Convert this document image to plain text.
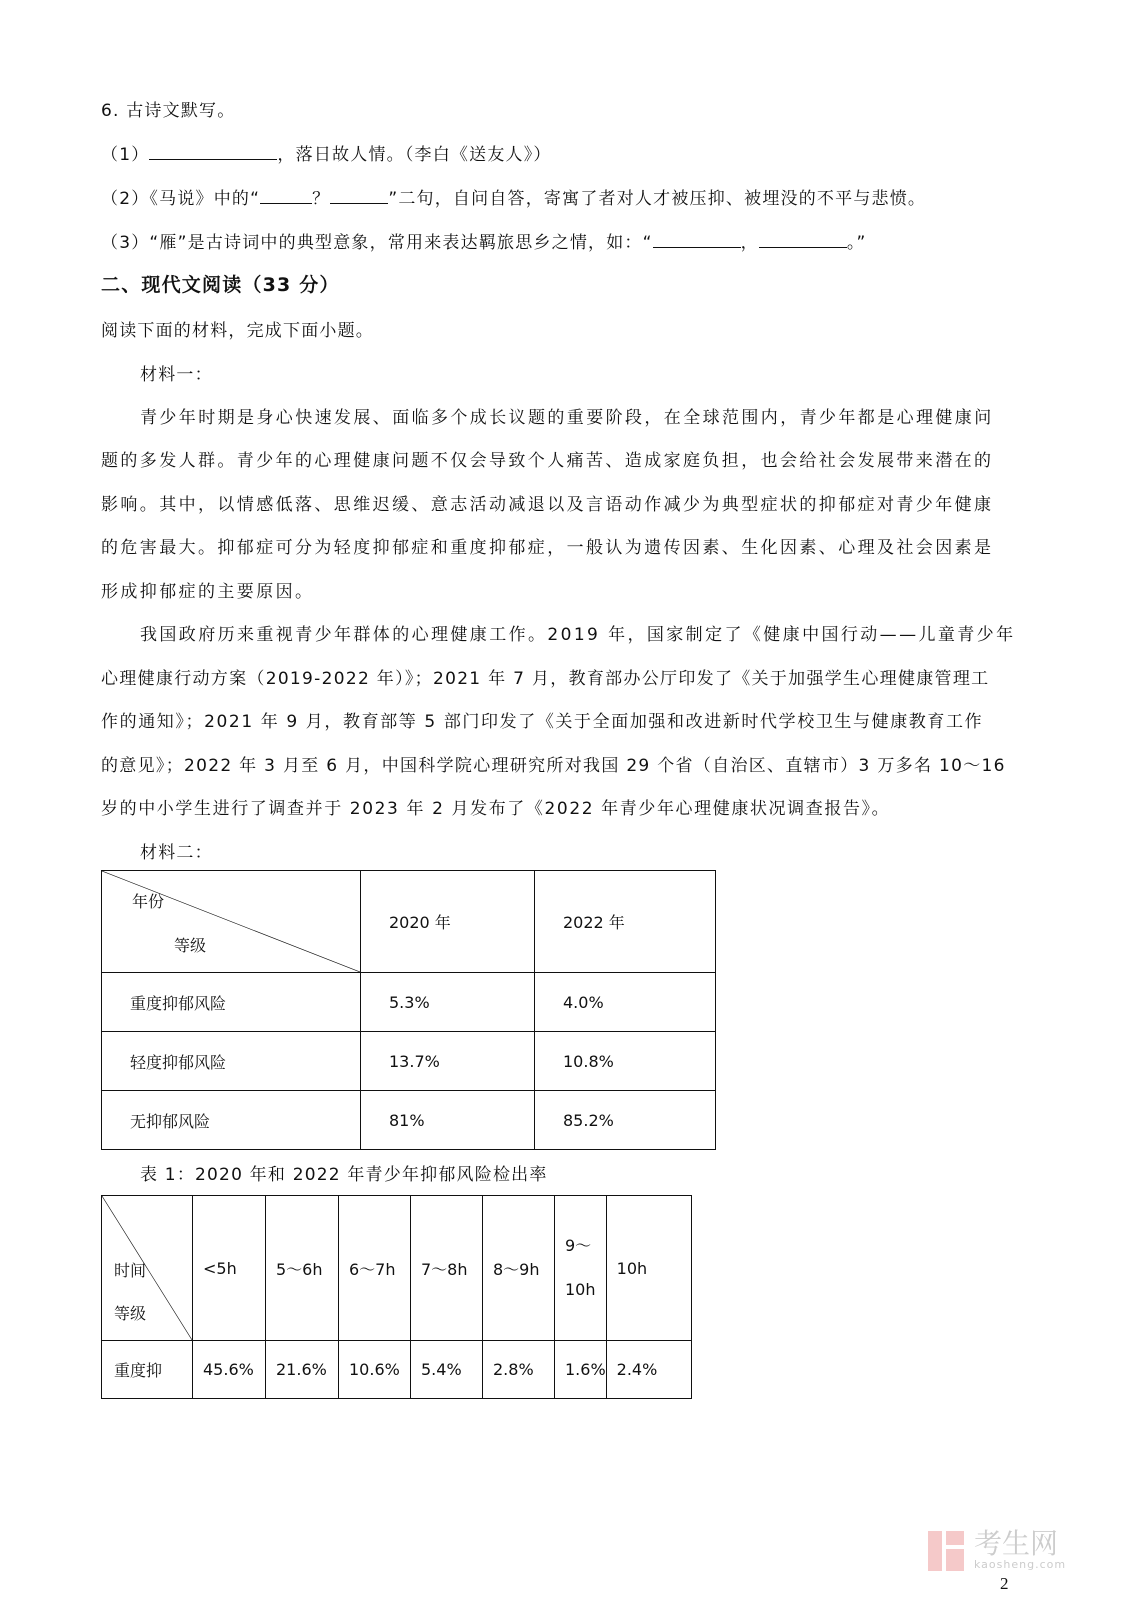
6. 古诗文默写。
（1）	，落日故人情。（李白《送友人》）
（2）《马说》中的“	？	”二句，自问自答，寄寓了者对人才被压抑、被埋没的不平与悲愤。
（3）“雁”是古诗词中的典型意象，常用来表达羁旅思乡之情，如：“	，	。”
二、现代文阅读（33 分）
阅读下面的材料，完成下面小题。
材料一：
青少年时期是身心快速发展、面临多个成长议题的重要阶段，在全球范围内，青少年都是心理健康问
题的多发人群。青少年的心理健康问题不仅会导致个人痛苦、造成家庭负担，也会给社会发展带来潜在的
影响。其中，以情感低落、思维迟缓、意志活动减退以及言语动作减少为典型症状的抑郁症对青少年健康
的危害最大。抑郁症可分为轻度抑郁症和重度抑郁症，一般认为遗传因素、生化因素、心理及社会因素是
形成抑郁症的主要原因。
我国政府历来重视青少年群体的心理健康工作。2019 年，国家制定了《健康中国行动——儿童青少年
心理健康行动方案（2019-2022 年）》；2021 年 7 月，教育部办公厅印发了《关于加强学生心理健康管理工
作的通知》；2021 年 9 月，教育部等 5 部门印发了《关于全面加强和改进新时代学校卫生与健康教育工作
的意见》；2022 年 3 月至 6 月，中国科学院心理研究所对我国 29 个省（自治区、直辖市）3 万多名 10～16
岁的中小学生进行了调查并于 2023 年 2 月发布了《2022 年青少年心理健康状况调查报告》。
材料二：
年份
等级	2020 年	2022 年
重度抑郁风险	5.3%	4.0%
轻度抑郁风险	13.7%	10.8%
无抑郁风险	81%	85.2%
表 1：2020 年和 2022 年青少年抑郁风险检出率
时间
等级	<5h	5～6h	6～7h	7～8h	8～9h	9～10h	10h
重度抑	45.6%	21.6%	10.6%	5.4%	2.8%	1.6%	2.4%
考生网
kaosheng.com
2
